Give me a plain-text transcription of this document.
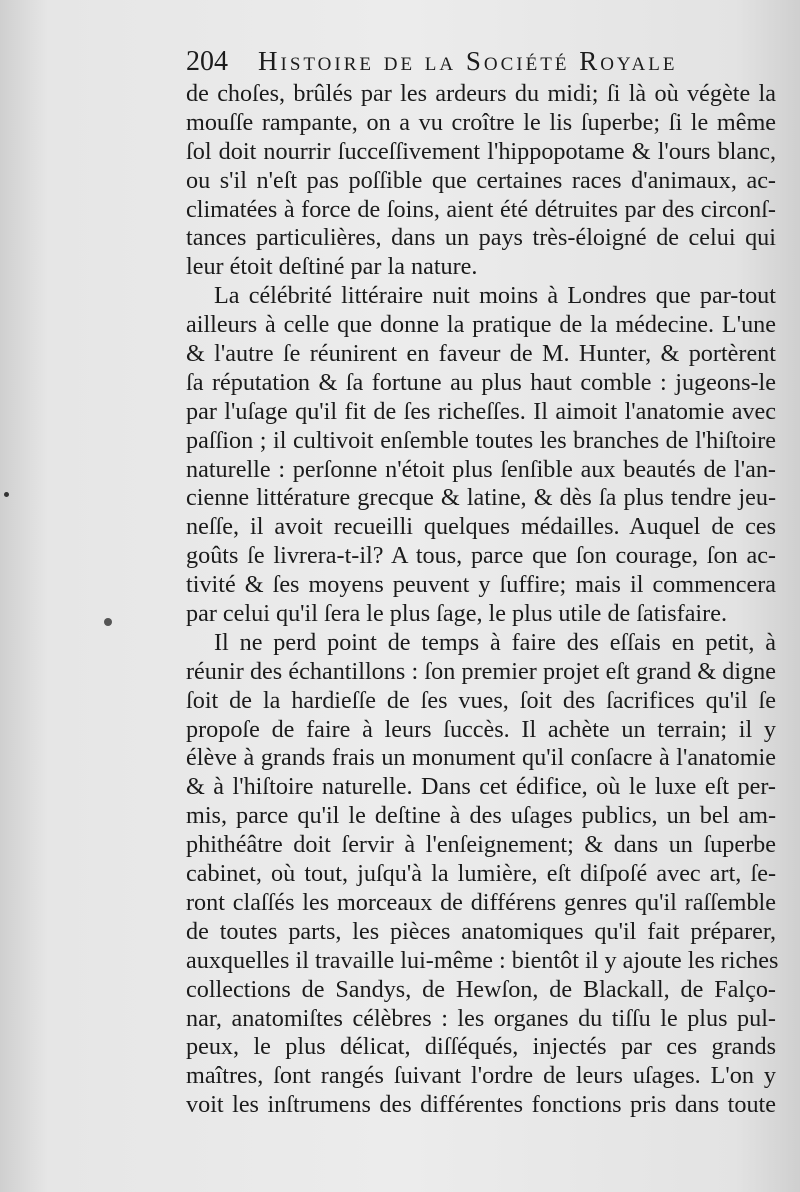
204 Histoire de la Société Royale
de choſes, brûlés par les ardeurs du midi; ſi là où végète la
mouſſe rampante, on a vu croître le lis ſuperbe; ſi le même
ſol doit nourrir ſucceſſivement l'hippopotame & l'ours blanc,
ou s'il n'eſt pas poſſible que certaines races d'animaux, ac-
climatées à force de ſoins, aient été détruites par des circonſ-
tances particulières, dans un pays très-éloigné de celui qui
leur étoit deſtiné par la nature.
La célébrité littéraire nuit moins à Londres que par-tout
ailleurs à celle que donne la pratique de la médecine. L'une
& l'autre ſe réunirent en faveur de M. Hunter, & portèrent
ſa réputation & ſa fortune au plus haut comble : jugeons-le
par l'uſage qu'il fit de ſes richeſſes. Il aimoit l'anatomie avec
paſſion ; il cultivoit enſemble toutes les branches de l'hiſtoire
naturelle : perſonne n'étoit plus ſenſible aux beautés de l'an-
cienne littérature grecque & latine, & dès ſa plus tendre jeu-
neſſe, il avoit recueilli quelques médailles. Auquel de ces
goûts ſe livrera-t-il? A tous, parce que ſon courage, ſon ac-
tivité & ſes moyens peuvent y ſuffire; mais il commencera
par celui qu'il ſera le plus ſage, le plus utile de ſatisfaire.
Il ne perd point de temps à faire des eſſais en petit, à
réunir des échantillons : ſon premier projet eſt grand & digne
ſoit de la hardieſſe de ſes vues, ſoit des ſacrifices qu'il ſe
propoſe de faire à leurs ſuccès. Il achète un terrain; il y
élève à grands frais un monument qu'il conſacre à l'anatomie
& à l'hiſtoire naturelle. Dans cet édifice, où le luxe eſt per-
mis, parce qu'il le deſtine à des uſages publics, un bel am-
phithéâtre doit ſervir à l'enſeignement; & dans un ſuperbe
cabinet, où tout, juſqu'à la lumière, eſt diſpoſé avec art, ſe-
ront claſſés les morceaux de différens genres qu'il raſſemble
de toutes parts, les pièces anatomiques qu'il fait préparer,
auxquelles il travaille lui-même : bientôt il y ajoute les riches
collections de Sandys, de Hewſon, de Blackall, de Falço-
nar, anatomiſtes célèbres : les organes du tiſſu le plus pul-
peux, le plus délicat, diſſéqués, injectés par ces grands
maîtres, ſont rangés ſuivant l'ordre de leurs uſages. L'on y
voit les inſtrumens des différentes fonctions pris dans toute
